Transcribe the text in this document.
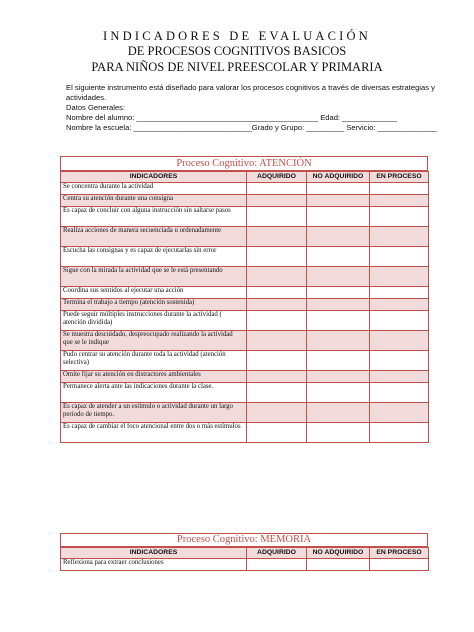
INDICADORES DE EVALUACIÓN
DE PROCESOS COGNITIVOS BASICOS
PARA NIÑOS DE NIVEL PREESCOLAR Y PRIMARIA
El siguiente instrumento está diseñado para valorar los procesos cognitivos a través de diversas estrategias y actividades.
Datos Generales:
Nombre del alumno: ___________________________________________ Edad: _____________
Nombre la escuela: ____________________________Grado y Grupo: _________ Servicio: ______________
Proceso Cognitivo: ATENCIÓN
INDICADORES	ADQUIRIDO	NO ADQUIRIDO	EN PROCESO
Se concentra durante la actividad			
Centra su atención durante una consigna			
Es capaz de concluir con alguna instrucción sin saltarse pasos			
Realiza acciones de manera secuenciada u ordenadamente			
Escucha las consignas y es capaz de ejecutarlas sin error			
Sigue con la mirada la actividad que se le está presentando			
Coordina sus sentidos al ejecutar una acción			
Termina el trabajo a tiempo (atención sostenida)			
Puede seguir múltiples instrucciones durante la actividad ( atención dividida)			
Se muestra descuidado, despreocupado realizando la actividad que se le indique			
Pudo centrar su atención durante toda la actividad (atención selectiva)			
Omite fijar su atención en distractores ambientales			
Permanece alerta ante las indicaciones durante la clase.			
Es capaz de atender a un estimulo o actividad durante un largo periodo de tiempo.			
Es capaz de cambiar el foco atencional entre dos o más estímulos			
Proceso Cognitivo: MEMORIA
INDICADORES	ADQUIRIDO	NO ADQUIRIDO	EN PROCESO
Reflexiona para extraer conclusiones			
